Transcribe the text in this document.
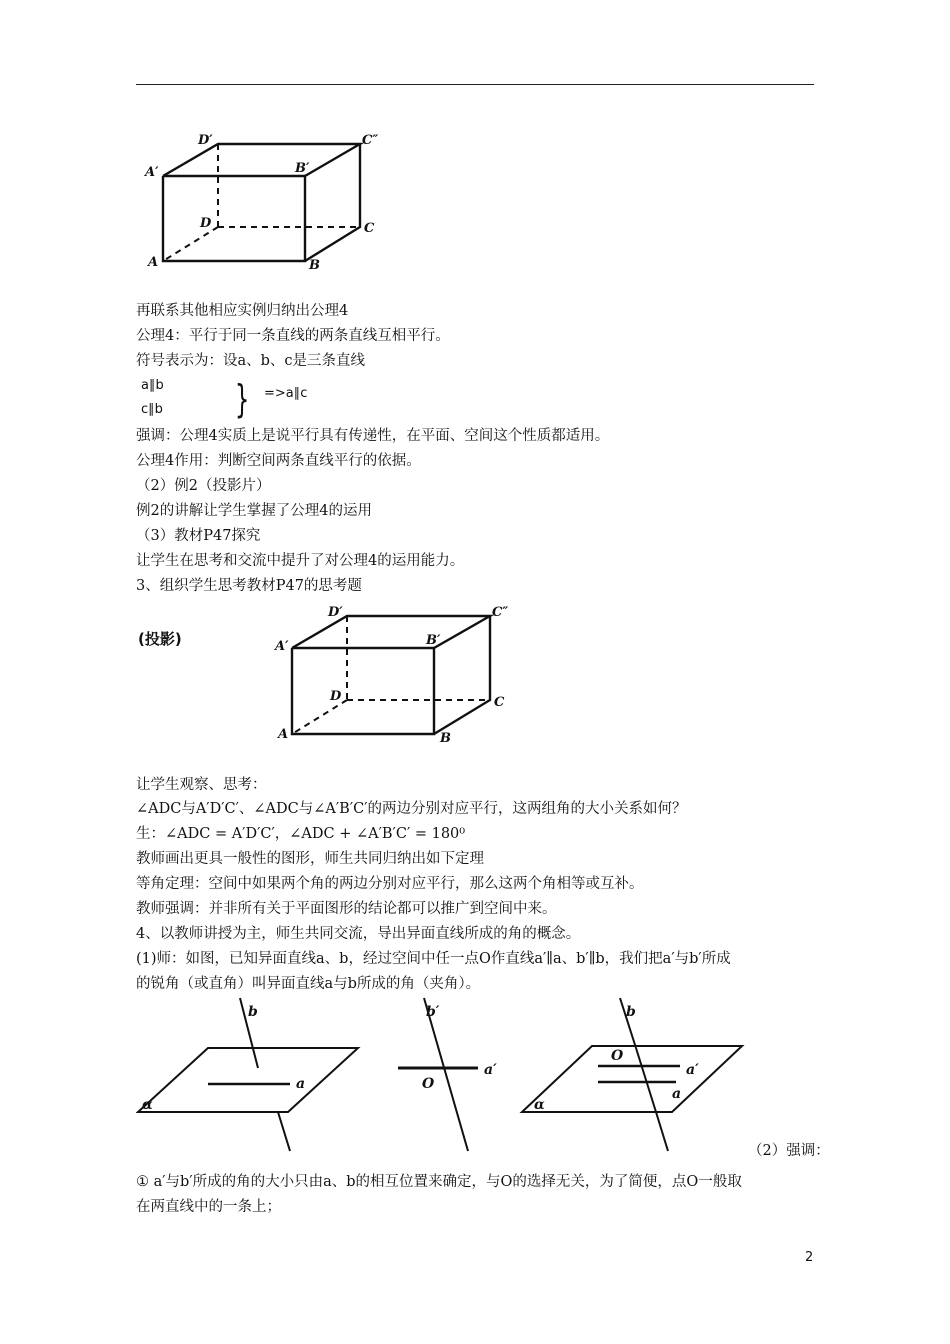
D′	C″
A′	B′
D	C
A	B
再联系其他相应实例归纳出公理4
公理4：平行于同一条直线的两条直线互相平行。
符号表示为：设a、b、c是三条直线
a∥b
c∥b } =>a∥c
强调：公理4实质上是说平行具有传递性，在平面、空间这个性质都适用。
公理4作用：判断空间两条直线平行的依据。
（2）例2（投影片）
例2的讲解让学生掌握了公理4的运用
（3）教材P47探究
让学生在思考和交流中提升了对公理4的运用能力。
3、组织学生思考教材P47的思考题
(投影)
D′	C″
A′	B′
D	C
A	B
让学生观察、思考：
∠ADC与A′D′C′、∠ADC与∠A′B′C′的两边分别对应平行，这两组角的大小关系如何？
生：∠ADC = A′D′C′，∠ADC + ∠A′B′C′ = 180⁰
教师画出更具一般性的图形，师生共同归纳出如下定理
等角定理：空间中如果两个角的两边分别对应平行，那么这两个角相等或互补。
教师强调：并非所有关于平面图形的结论都可以推广到空间中来。
4、以教师讲授为主，师生共同交流，导出异面直线所成的角的概念。
(1)师：如图，已知异面直线a、b，经过空间中任一点O作直线a′∥a、b′∥b，我们把a′与b′所成
的锐角（或直角）叫异面直线a与b所成的角（夹角）。
b
a
α
b′
a′
O
b
O
a′
a
α
（2）强调：
① a′与b′所成的角的大小只由a、b的相互位置来确定，与O的选择无关，为了简便，点O一般取
在两直线中的一条上；
2
